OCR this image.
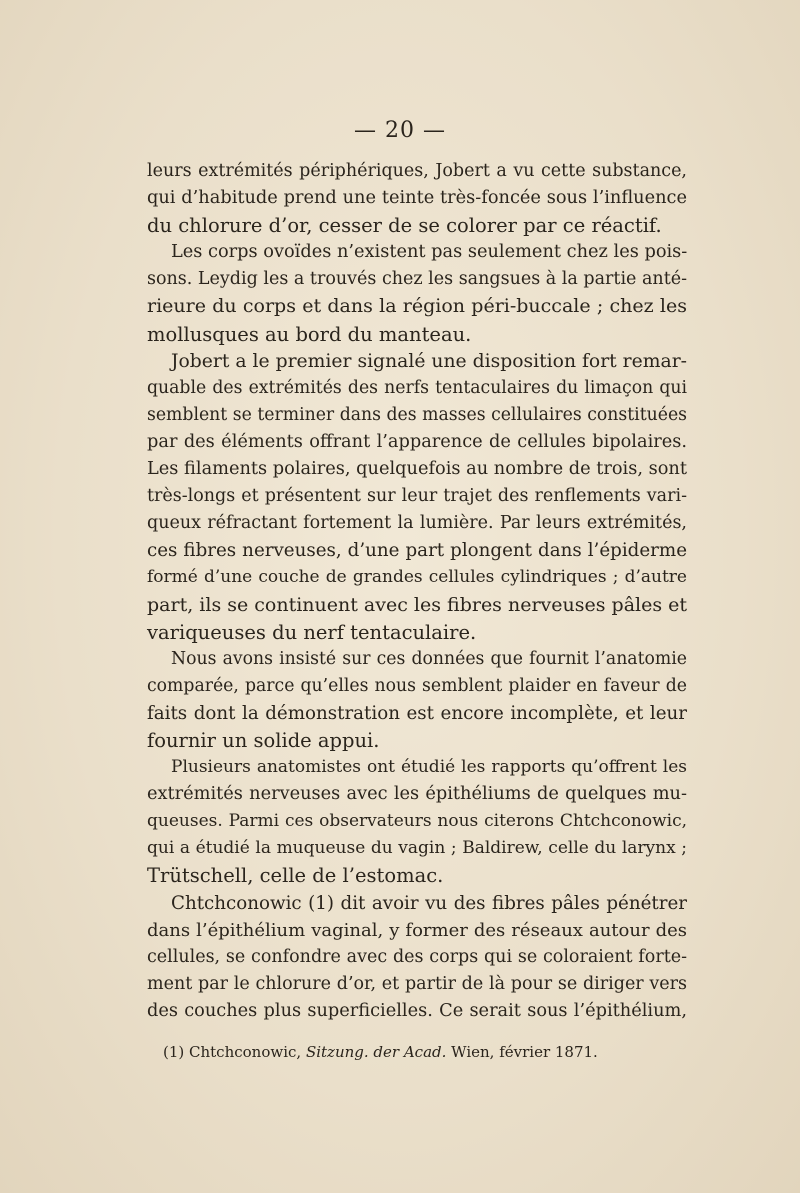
— 20 —
leurs extrémités périphériques, Jobert a vu cette substance,
qui d’habitude prend une teinte très-foncée sous l’influence
du chlorure d’or, cesser de se colorer par ce réactif.
Les corps ovoïdes n’existent pas seulement chez les pois-
sons. Leydig les a trouvés chez les sangsues à la partie anté-
rieure du corps et dans la région péri-buccale ; chez les
mollusques au bord du manteau.
Jobert a le premier signalé une disposition fort remar-
quable des extrémités des nerfs tentaculaires du limaçon qui
semblent se terminer dans des masses cellulaires constituées
par des éléments offrant l’apparence de cellules bipolaires.
Les filaments polaires, quelquefois au nombre de trois, sont
très-longs et présentent sur leur trajet des renflements vari-
queux réfractant fortement la lumière. Par leurs extrémités,
ces fibres nerveuses, d’une part plongent dans l’épiderme
formé d’une couche de grandes cellules cylindriques ; d’autre
part, ils se continuent avec les fibres nerveuses pâles et
variqueuses du nerf tentaculaire.
Nous avons insisté sur ces données que fournit l’anatomie
comparée, parce qu’elles nous semblent plaider en faveur de
faits dont la démonstration est encore incomplète, et leur
fournir un solide appui.
Plusieurs anatomistes ont étudié les rapports qu’offrent les
extrémités nerveuses avec les épithéliums de quelques mu-
queuses. Parmi ces observateurs nous citerons Chtchconowic,
qui a étudié la muqueuse du vagin ; Baldirew, celle du larynx ;
Trütschell, celle de l’estomac.
Chtchconowic (1) dit avoir vu des fibres pâles pénétrer
dans l’épithélium vaginal, y former des réseaux autour des
cellules, se confondre avec des corps qui se coloraient forte-
ment par le chlorure d’or, et partir de là pour se diriger vers
des couches plus superficielles. Ce serait sous l’épithélium,
(1) Chtchconowic, Sitzung. der Acad. Wien, février 1871.
